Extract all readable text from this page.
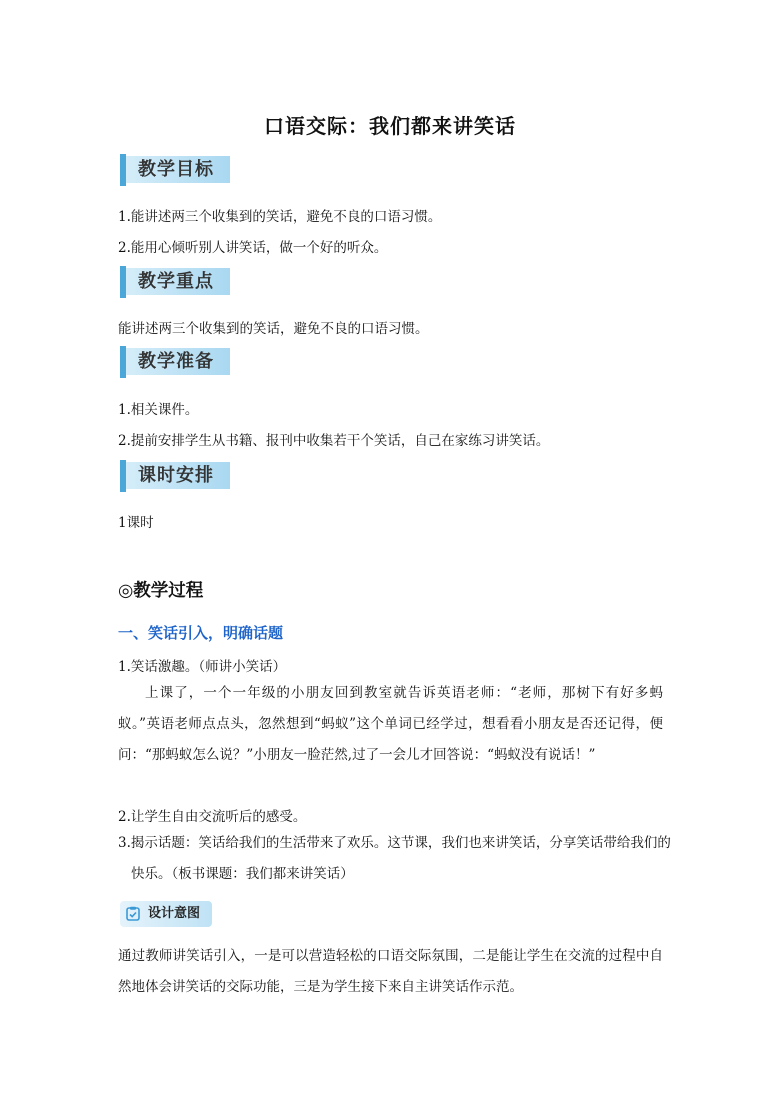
口语交际：我们都来讲笑话
教学目标
1.能讲述两三个收集到的笑话，避免不良的口语习惯。
2.能用心倾听别人讲笑话，做一个好的听众。
教学重点
能讲述两三个收集到的笑话，避免不良的口语习惯。
教学准备
1.相关课件。
2.提前安排学生从书籍、报刊中收集若干个笑话，自己在家练习讲笑话。
课时安排
1课时
◎教学过程
一、笑话引入，明确话题
1.笑话激趣。（师讲小笑话）
上课了，一个一年级的小朋友回到教室就告诉英语老师：“老师，那树下有好多蚂蚁。”英语老师点点头，忽然想到“蚂蚁”这个单词已经学过，想看看小朋友是否还记得，便问：“那蚂蚁怎么说？”小朋友一脸茫然,过了一会儿才回答说：“蚂蚁没有说话！”
2.让学生自由交流听后的感受。
3.揭示话题：笑话给我们的生活带来了欢乐。这节课，我们也来讲笑话，分享笑话带给我们的快乐。（板书课题：我们都来讲笑话）
设计意图
通过教师讲笑话引入，一是可以营造轻松的口语交际氛围，二是能让学生在交流的过程中自然地体会讲笑话的交际功能，三是为学生接下来自主讲笑话作示范。
